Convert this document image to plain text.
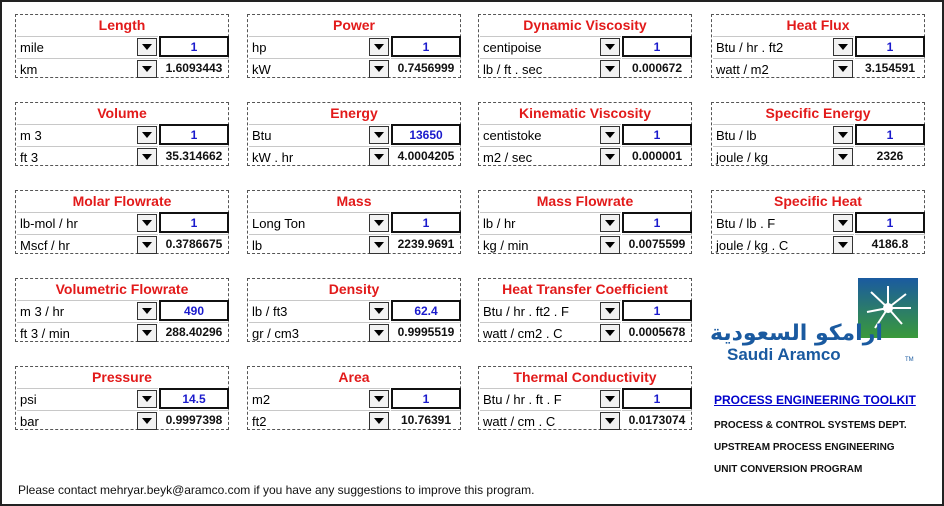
Length
mile	1
km	1.6093443
Power
hp	1
kW	0.7456999
Dynamic Viscosity
centipoise	1
lb / ft . sec	0.000672
Heat Flux
Btu / hr . ft2	1
watt / m2	3.154591
Volume
m 3	1
ft 3	35.314662
Energy
Btu	13650
kW . hr	4.0004205
Kinematic Viscosity
centistoke	1
m2 / sec	0.000001
Specific Energy
Btu / lb	1
joule / kg	2326
Molar Flowrate
lb-mol / hr	1
Mscf / hr	0.3786675
Mass
Long Ton	1
lb	2239.9691
Mass Flowrate
lb / hr	1
kg / min	0.0075599
Specific Heat
Btu / lb . F	1
joule / kg . C	4186.8
Volumetric Flowrate
m 3 / hr	490
ft 3 / min	288.40296
Density
lb / ft3	62.4
gr / cm3	0.9995519
Heat Transfer Coefficient
Btu / hr . ft2 . F	1
watt / cm2 . C	0.0005678
Pressure
psi	14.5
bar	0.9997398
Area
m2	1
ft2	10.76391
Thermal Conductivity
Btu / hr . ft . F	1
watt / cm . C	0.0173074
ارامكو السعودية
Saudi Aramco	TM
PROCESS ENGINEERING TOOLKIT
PROCESS & CONTROL SYSTEMS DEPT.
UPSTREAM PROCESS ENGINEERING
UNIT CONVERSION PROGRAM
Please contact mehryar.beyk@aramco.com if you have any suggestions to improve this program.
